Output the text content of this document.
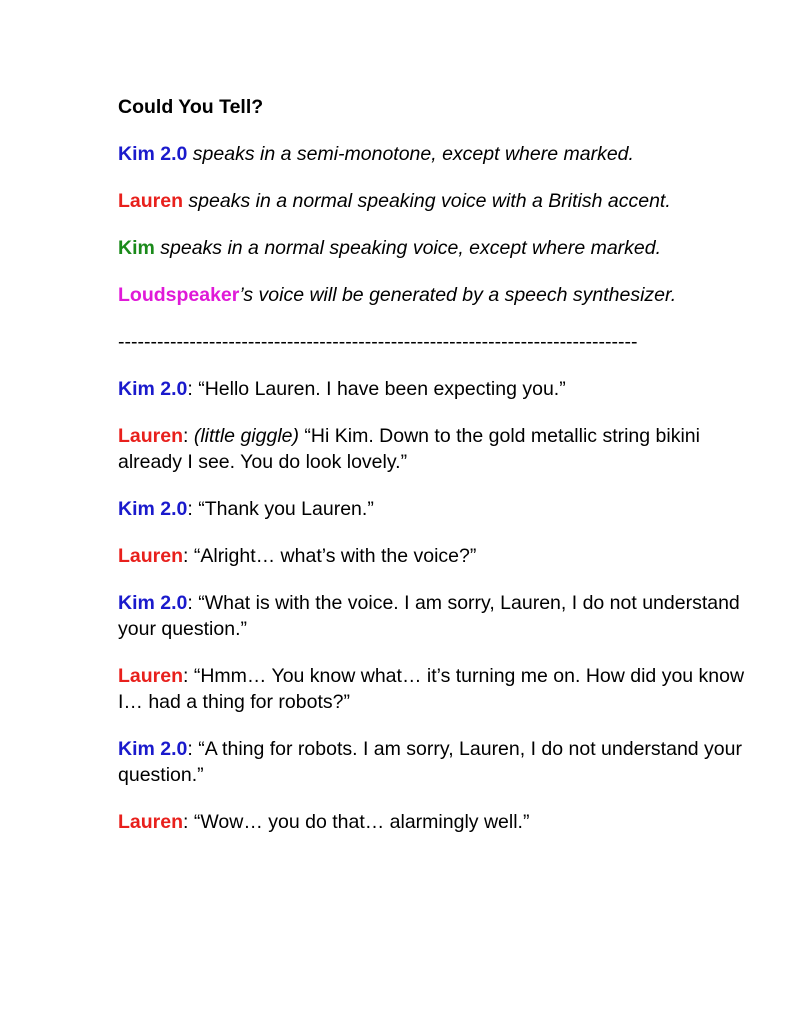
Could You Tell?
Kim 2.0 speaks in a semi-monotone, except where marked.
Lauren speaks in a normal speaking voice with a British accent.
Kim speaks in a normal speaking voice, except where marked.
Loudspeaker’s voice will be generated by a speech synthesizer.
--------------------------------------------------------------------------------
Kim 2.0: “Hello Lauren. I have been expecting you.”
Lauren: (little giggle) “Hi Kim. Down to the gold metallic string bikini already I see. You do look lovely.”
Kim 2.0: “Thank you Lauren.”
Lauren: “Alright… what’s with the voice?”
Kim 2.0: “What is with the voice. I am sorry, Lauren, I do not understand your question.”
Lauren: “Hmm… You know what… it’s turning me on. How did you know I… had a thing for robots?”
Kim 2.0: “A thing for robots. I am sorry, Lauren, I do not understand your question.”
Lauren: “Wow… you do that… alarmingly well.”
